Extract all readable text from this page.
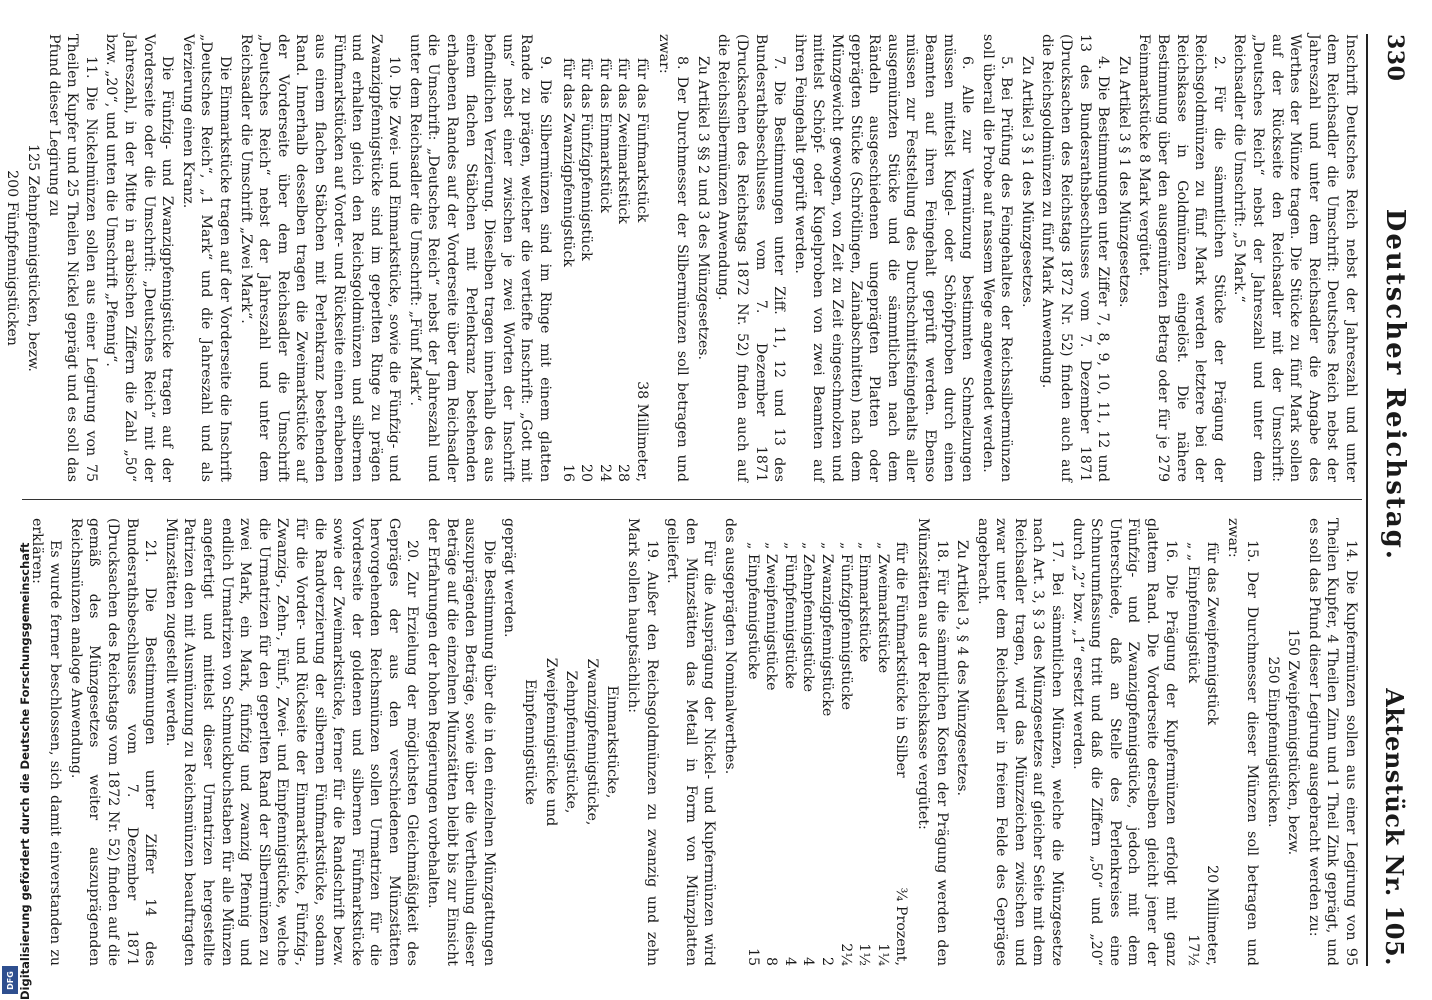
330
Deutscher Reichstag.
Aktenstück Nr. 105.

Inschrift Deutsches Reich nebst der Jahreszahl und unter dem Reichsadler die Umschrift: Deutsches Reich nebst der Jahreszahl und unter dem Reichsadler die Angabe des Werthes der Münze tragen. Die Stücke zu fünf Mark sollen auf der Rückseite den Reichsadler mit der Umschrift: „Deutsches Reich“ nebst der Jahreszahl und unter dem Reichsadler die Umschrift: „5 Mark.“

2. Für die sämmtlichen Stücke der Prägung der Reichsgoldmünzen zu fünf Mark werden letztere bei der Reichskasse in Goldmünzen eingelöst. Die nähere Bestimmung über den ausgemünzten Betrag oder für je 279 Feinmarkstücke 8 Mark vergütet.

Zu Artikel 3 § 1 des Münzgesetzes.

4. Die Bestimmungen unter Ziffer 7, 8, 9, 10, 11, 12 und 13 des Bundesrathsbeschlusses vom 7. Dezember 1871 (Drucksachen des Reichstags 1872 Nr. 52) finden auch auf die Reichsgoldmünzen zu fünf Mark Anwendung.

Zu Artikel 3 § 1 des Münzgesetzes.

5. Bei Prüfung des Feingehaltes der Reichssilbermünzen soll überall die Probe auf nassem Wege angewendet werden.

6. Alle zur Vermünzung bestimmten Schmelzungen müssen mittelst Kugel- oder Schöpfproben durch einen Beamten auf ihren Feingehalt geprüft werden. Ebenso müssen zur Feststellung des Durchschnittsfeingehalts aller ausgemünzten Stücke und die sämmtlichen nach dem Rändeln ausgeschiedenen ungeprägten Platten oder geprägten Stücke (Schrötlingen, Zainabschnitten) nach dem Münzgewicht gewogen, von Zeit zu Zeit eingeschmolzen und mittelst Schöpf- oder Kugelproben von zwei Beamten auf ihren Feingehalt geprüft werden.

7. Die Bestimmungen unter Ziff. 11, 12 und 13 des Bundesrathsbeschlusses vom 7. Dezember 1871 (Drucksachen des Reichstags 1872 Nr. 52) finden auch auf die Reichssilbermünzen Anwendung.

Zu Artikel 3 §§ 2 und 3 des Münzgesetzes.

8. Der Durchmesser der Silbermünzen soll betragen und zwar:

für das Fünfmarkstück
38 Millimeter,
für das Zweimarkstück
28
für das Einmarkstück
24
für das Fünfzigpfennigstück
20
für das Zwanzigpfennigstück
16

9. Die Silbermünzen sind im Ringe mit einem glatten Rande zu prägen, welcher die vertiefte Inschrift: „Gott mit uns“ nebst einer zwischen je zwei Worten der Inschrift befindlichen Verzierung. Dieselben tragen innerhalb des aus einem flachen Stäbchen mit Perlenkranz bestehenden erhabenen Randes auf der Vorderseite über dem Reichsadler die Umschrift: „Deutsches Reich“ nebst der Jahreszahl und unter dem Reichsadler die Umschrift: „Fünf Mark“.

10. Die Zwei- und Einmarkstücke, sowie die Fünfzig- und Zwanzigpfennigstücke sind im geperlten Ringe zu prägen und erhalten gleich den Reichsgoldmünzen und silbernen Fünfmarkstücken auf Vorder- und Rückseite einen erhabenen aus einem flachen Stäbchen mit Perlenkranz bestehenden Rand. Innerhalb desselben tragen die Zweimarkstücke auf der Vorderseite über dem Reichsadler die Umschrift „Deutsches Reich“ nebst der Jahreszahl und unter dem Reichsadler die Umschrift „Zwei Mark“.

Die Einmarkstücke tragen auf der Vorderseite die Inschrift „Deutsches Reich“, „1 Mark“ und die Jahreszahl und als Verzierung einen Kranz.

Die Fünfzig- und Zwanzigpfennigstücke tragen auf der Vorderseite oder die Umschrift: „Deutsches Reich“ mit der Jahreszahl, in der Mitte in arabischen Ziffern die Zahl „50“ bzw. „20“, und unten die Umschrift „Pfennig“.

11. Die Nickelmünzen sollen aus einer Legirung von 75 Theilen Kupfer und 25 Theilen Nickel geprägt und es soll das Pfund dieser Legirung zu

125 Zehnpfennigstücken, bezw.

200 Fünfpfennigstücken

14. Die Kupfermünzen sollen aus einer Legirung von 95 Theilen Kupfer, 4 Theilen Zinn und 1 Theil Zink geprägt, und es soll das Pfund dieser Legirung ausgebracht werden zu:

150 Zweipfennigstücken, bezw.

250 Einpfennigstücken.

15. Der Durchmesser dieser Münzen soll betragen und zwar:

für das Zweipfennigstück
20 Millimeter,
„ „ Einpfennigstück
17½

16. Die Prägung der Kupfermünzen erfolgt mit ganz glattem Rand. Die Vorderseite derselben gleicht jener der Fünfzig- und Zwanzigpfennigstücke, jedoch mit dem Unterschiede, daß an Stelle des Perlenkreises eine Schnurumfassung tritt und daß die Ziffern „50“ und „20“ durch „2“ bzw. „1“ ersetzt werden.

17. Bei sämmtlichen Münzen, welche die Münzgesetze nach Art. 3, § 3 des Münzgesetzes auf gleicher Seite mit dem Reichsadler tragen, wird das Münzzeichen zwischen und zwar unter dem Reichsadler in freiem Felde des Gepräges angebracht.

Zu Artikel 3, § 4 des Münzgesetzes.

18. Für die sämmtlichen Kosten der Prägung werden den Münzstätten aus der Reichskasse vergütet:

für die Fünfmarkstücke in Silber
¾ Prozent,
„ Zweimarkstücke
1¼
„ Einmarkstücke
1½
„ Fünfzigpfennigstücke
2¼
„ Zwanzigpfennigstücke
2
„ Zehnpfennigstücke
4
„ Fünfpfennigstücke
4
„ Zweipfennigstücke
8
„ Einpfennigstücke
15

des ausgeprägten Nominalwerthes.

Für die Ausprägung der Nickel- und Kupfermünzen wird den Münzstätten das Metall in Form von Münzplatten geliefert.

19. Außer den Reichsgoldmünzen zu zwanzig und zehn Mark sollen hauptsächlich:

Einmarkstücke,

Zwanzigpfennigstücke,

Zehnpfennigstücke,

Zweipfennigstücke und

Einpfennigstücke

geprägt werden.

Die Bestimmung über die in den einzelnen Münzgattungen auszuprägenden Beträge, sowie über die Vertheilung dieser Beträge auf die einzelnen Münzstätten bleibt bis zur Einsicht der Erfahrungen der hohen Regierungen vorbehalten.

20. Zur Erzielung der möglichsten Gleichmäßigkeit des Gepräges der aus den verschiedenen Münzstätten hervorgehenden Reichsmünzen sollen Urmatrizen für die Vorderseite der goldenen und silbernen Fünfmarkstücke sowie der Zweimarkstücke, ferner für die Randschrift bezw. die Randverzierung der silbernen Fünfmarkstücke, sodann für die Vorder- und Rückseite der Einmarkstücke, Fünfzig-, Zwanzig-, Zehn-, Fünf-, Zwei- und Einpfennigstücke, welche die Urmatrizen für den geperlten Rand der Silbermünzen zu zwei Mark, ein Mark, fünfzig und zwanzig Pfennig und endlich Urmatrizen von Schmuckbuchstaben für alle Münzen angefertigt und mittelst dieser Urmatrizen hergestellte Patrizen den mit Ausmünzung zu Reichsmünzen beauftragten Münzstätten zugestellt werden.

21. Die Bestimmungen unter Ziffer 14 des Bundesrathsbeschlusses vom 7. Dezember 1871 (Drucksachen des Reichstags vom 1872 Nr. 52) finden auf die gemäß des Münzgesetzes weiter auszuprägenden Reichsmünzen analoge Anwendung.

Es wurde ferner beschlossen, sich damit einverstanden zu erklären:

Digitalisierung gefördert durch die Deutsche Forschungsgemeinschaft
DFG
